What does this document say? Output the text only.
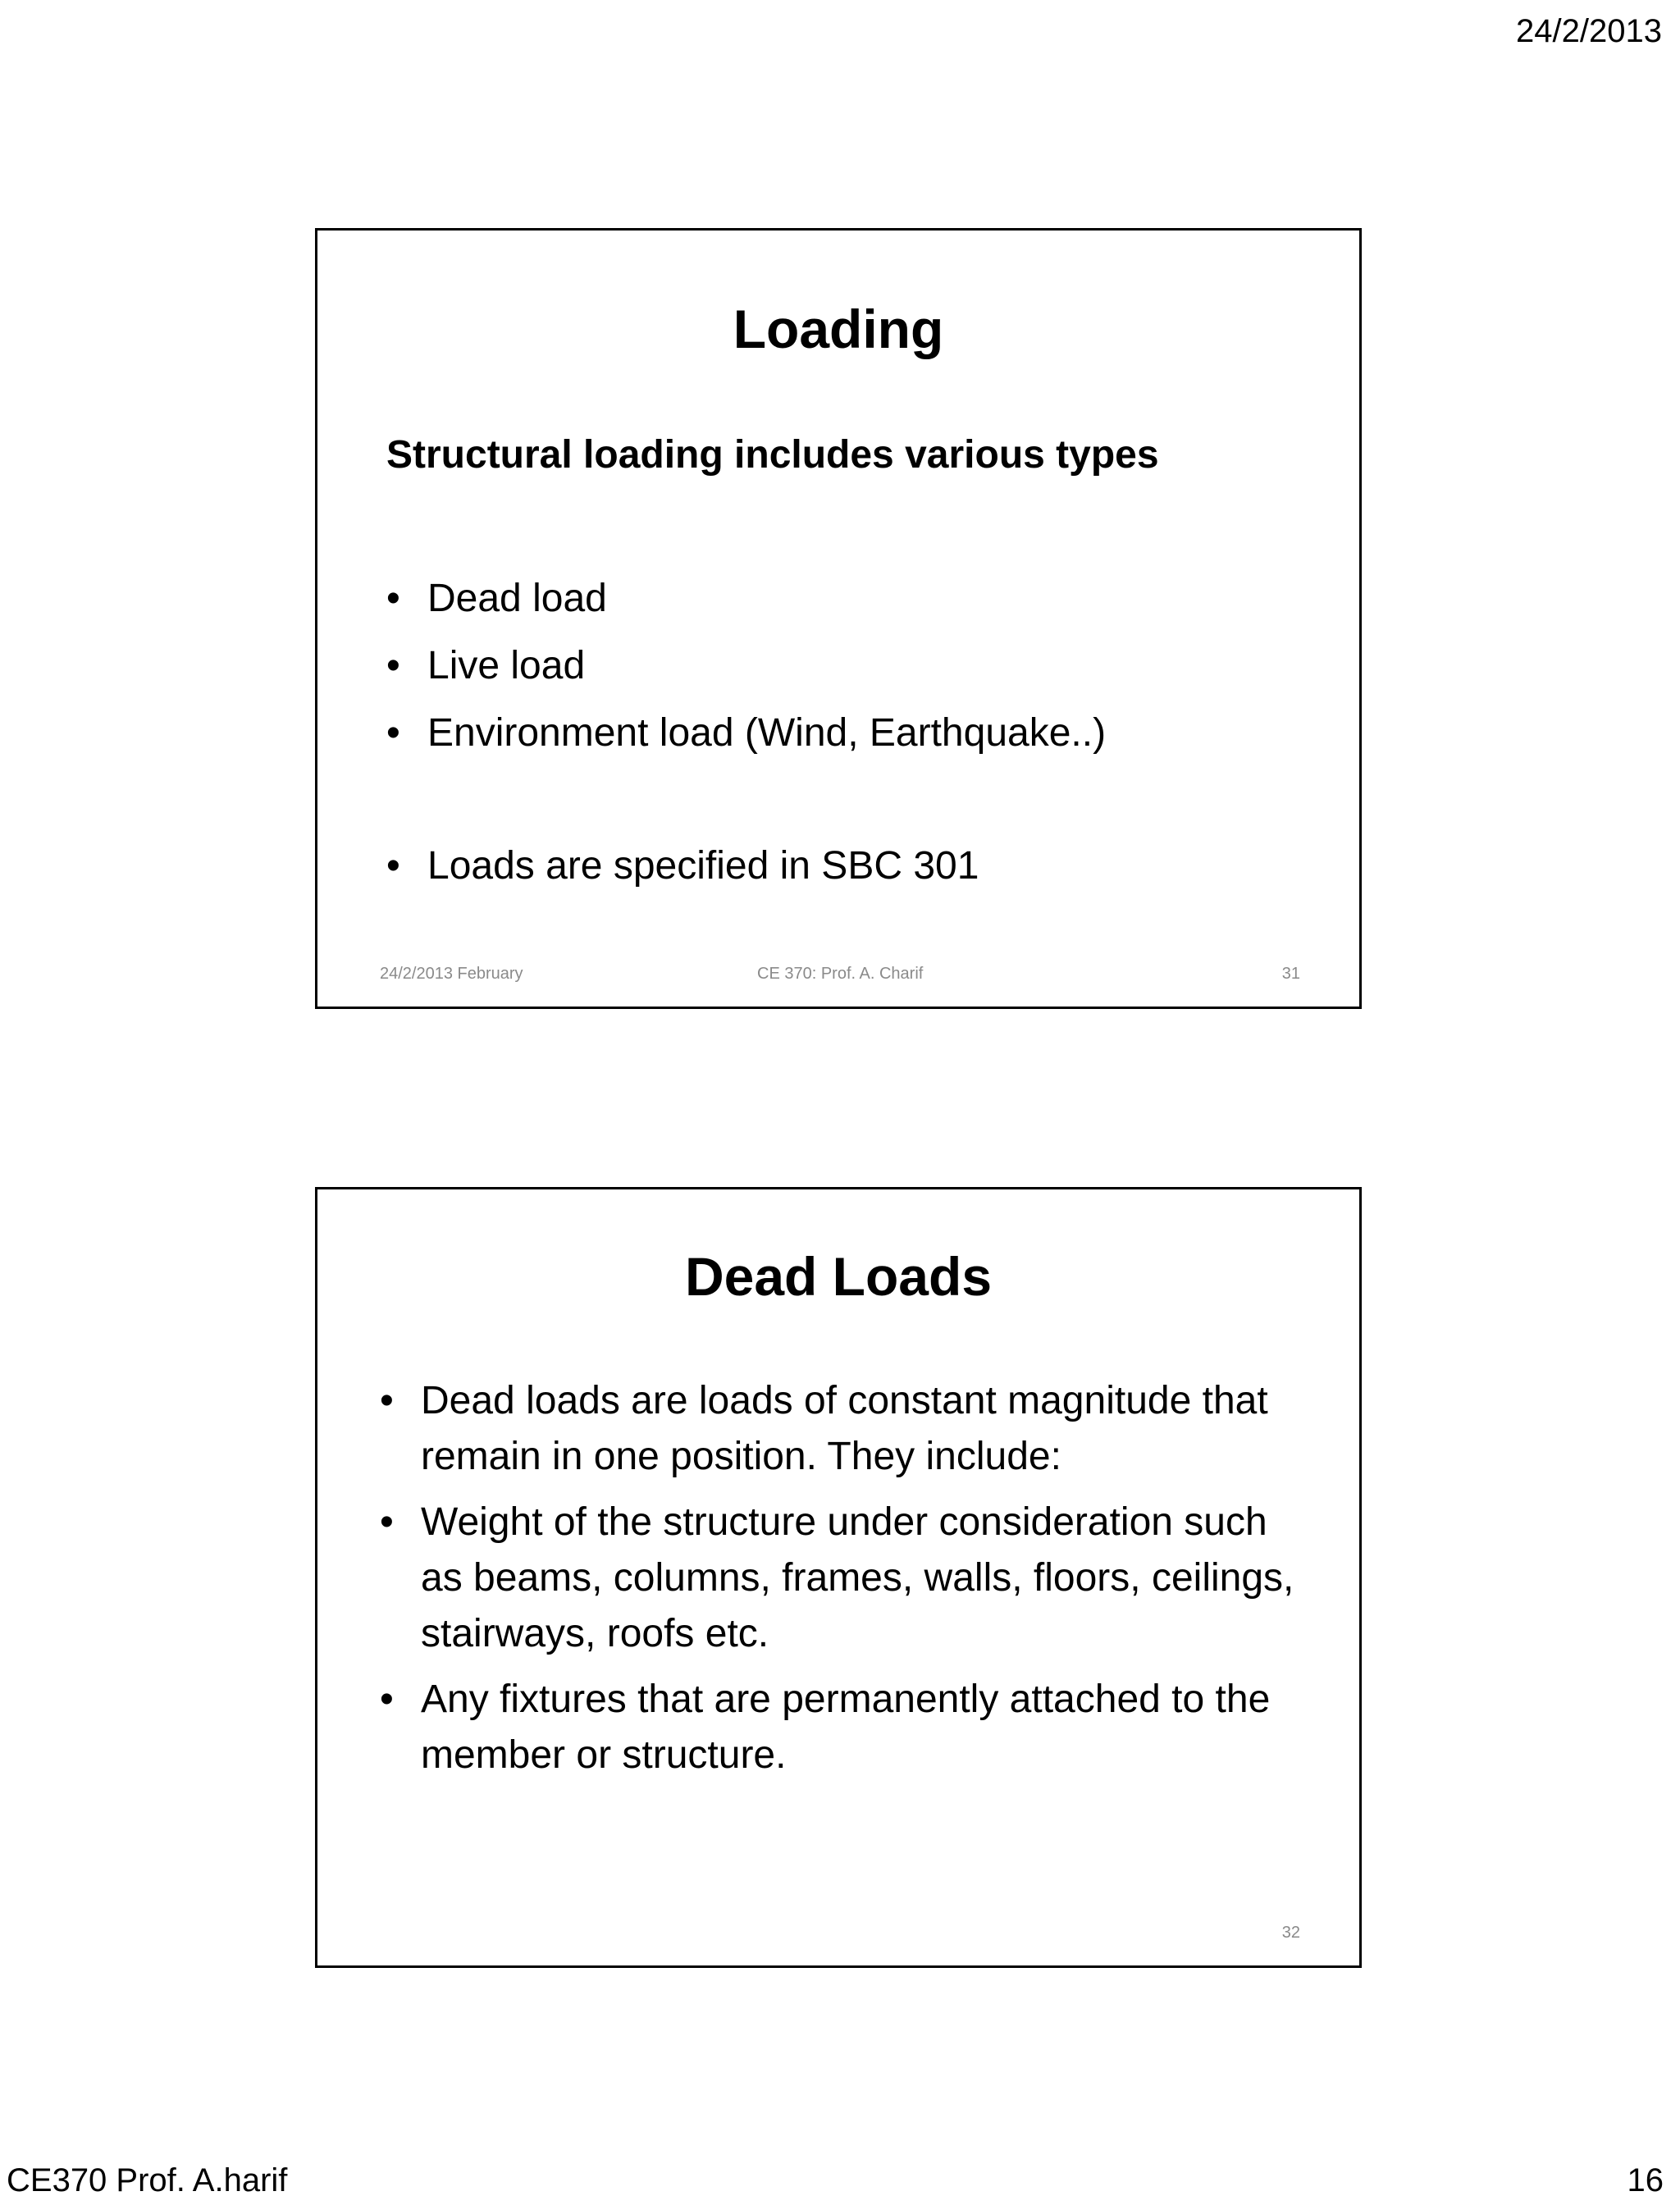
24/2/2013
Loading
Structural loading includes various types
• Dead load
• Live load
• Environment load (Wind, Earthquake..)
• Loads are specified in SBC 301
24/2/2013 February	CE 370: Prof. A. Charif	31
Dead Loads
• Dead loads are loads of constant magnitude that remain in one position. They include:
• Weight of the structure under consideration such as beams, columns, frames, walls, floors, ceilings, stairways, roofs etc.
• Any fixtures that are permanently attached to the member or structure.
32
CE370 Prof. A.harif	16
